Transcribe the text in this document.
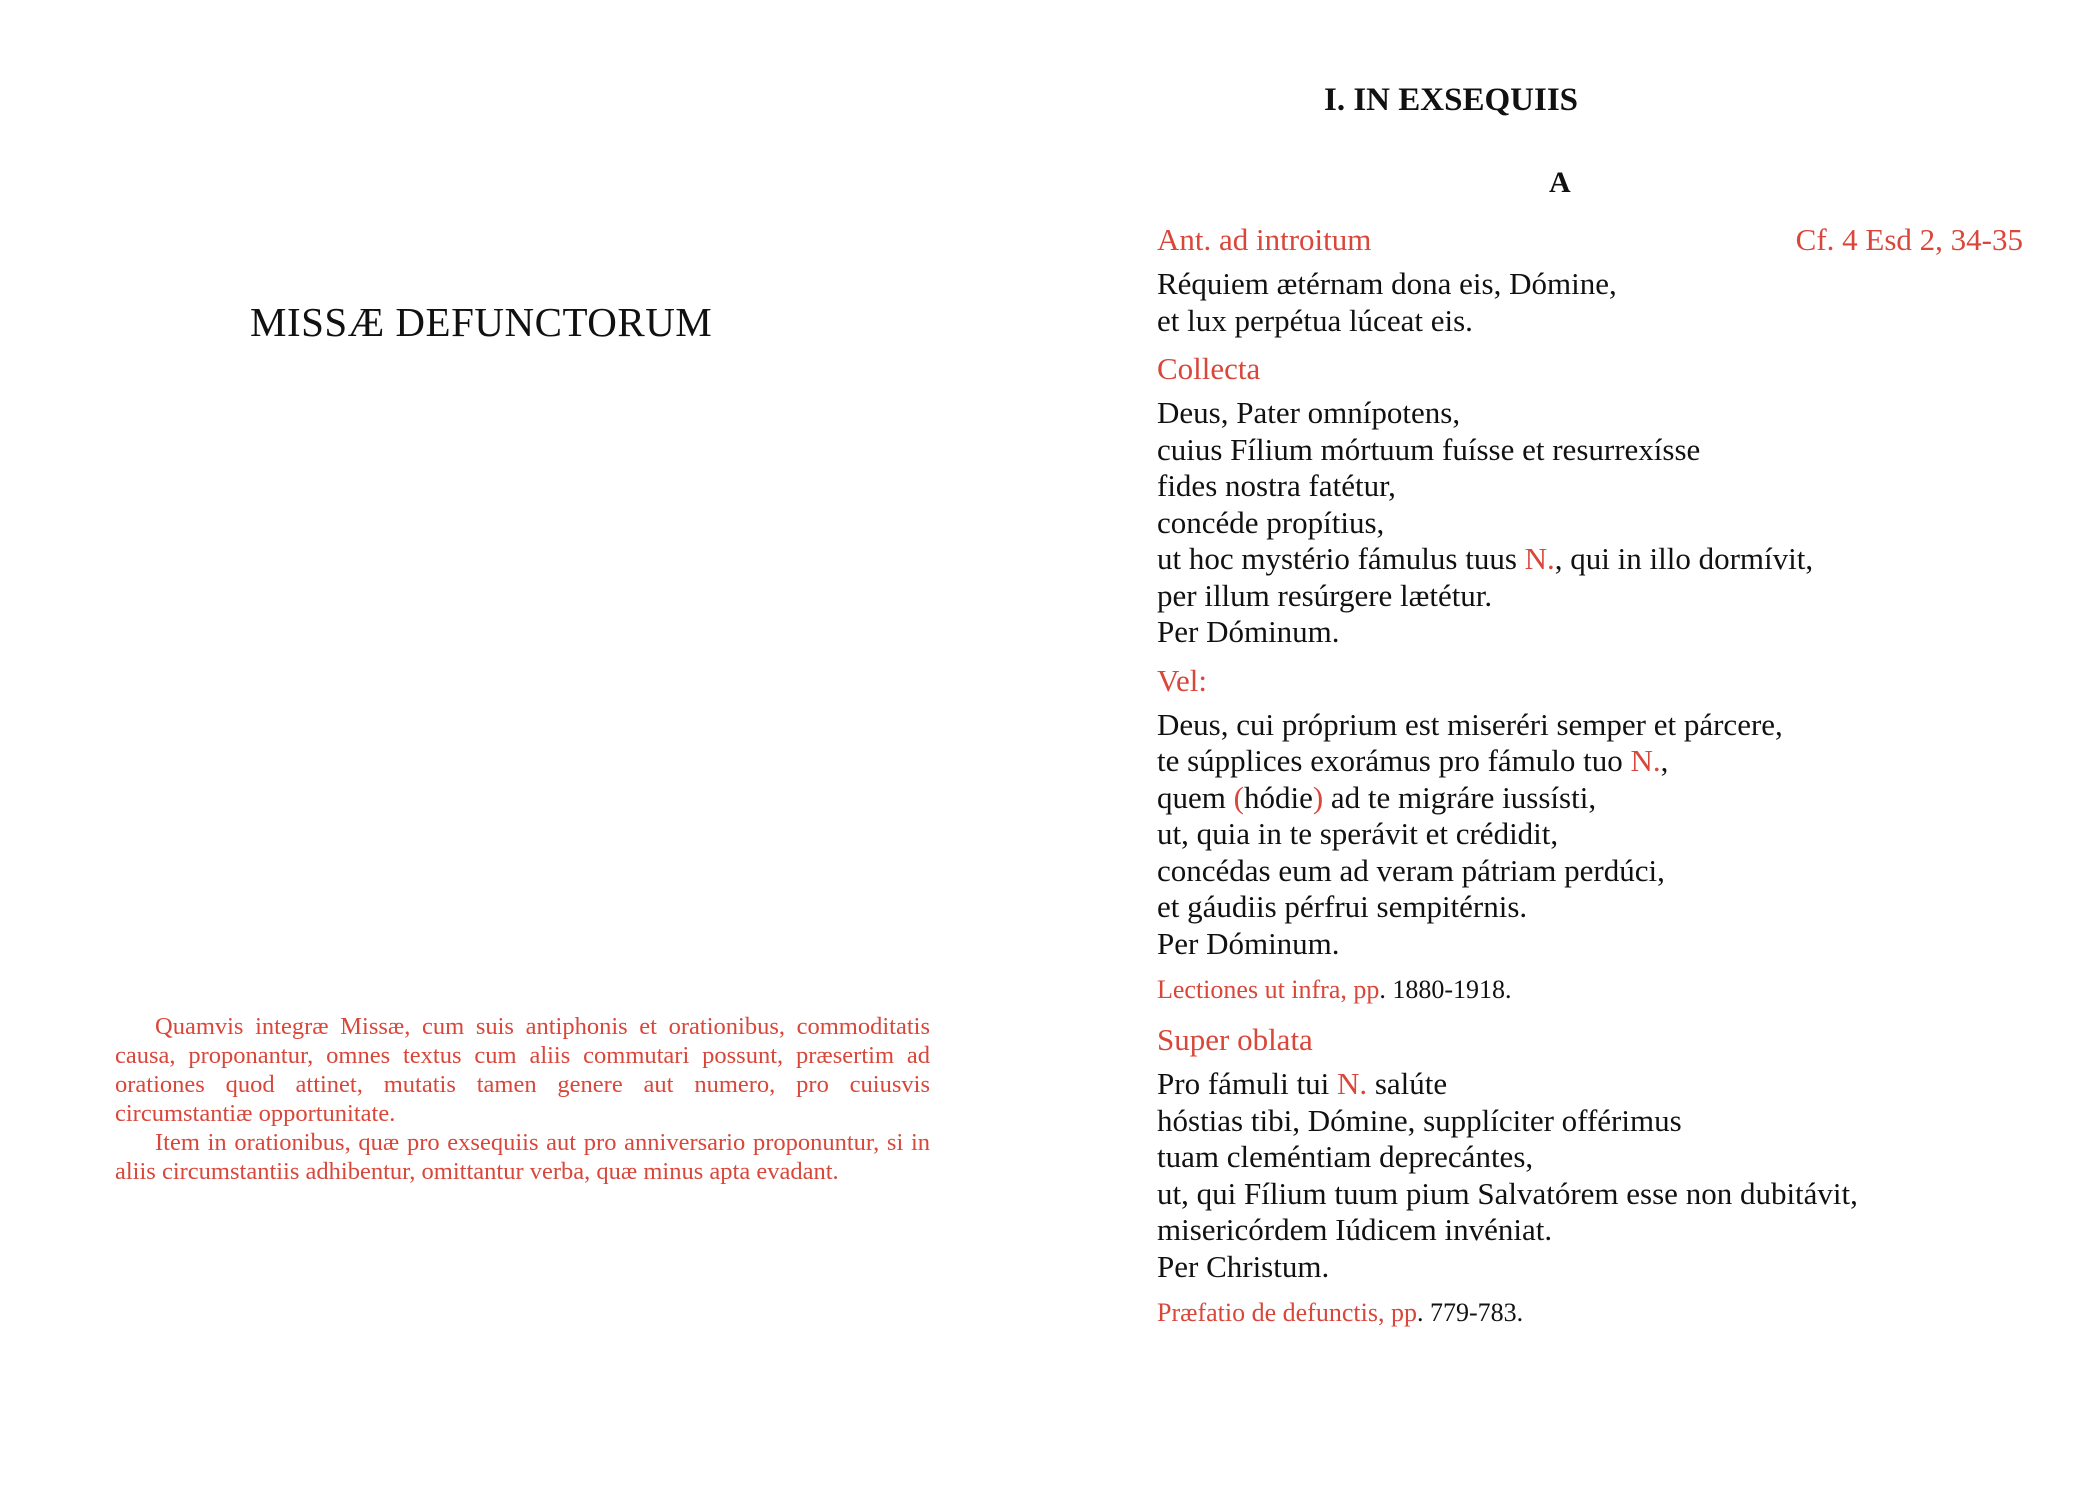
MISSÆ DEFUNCTORUM

Quamvis integræ Missæ, cum suis antiphonis et orationibus, commoditatis causa, proponantur, omnes textus cum aliis commutari possunt, præsertim ad orationes quod attinet, mutatis tamen genere aut numero, pro cuiusvis circumstantiæ opportunitate.

Item in orationibus, quæ pro exsequiis aut pro anniversario proponuntur, si in aliis circumstantiis adhibentur, omittantur verba, quæ minus apta evadant.

I. IN EXSEQUIIS
A
Ant. ad introitum	Cf. 4 Esd 2, 34-35
Réquiem ætérnam dona eis, Dómine,
et lux perpétua lúceat eis.
Collecta
Deus, Pater omnípotens,
cuius Fílium mórtuum fuísse et resurrexísse
fides nostra fatétur,
concéde propítius,
ut hoc mystério fámulus tuus N., qui in illo dormívit,
per illum resúrgere lætétur.
Per Dóminum.
Vel:
Deus, cui próprium est miseréri semper et párcere,
te súpplices exorámus pro fámulo tuo N.,
quem (hódie) ad te migráre iussísti,
ut, quia in te sperávit et crédidit,
concédas eum ad veram pátriam perdúci,
et gáudiis pérfrui sempitérnis.
Per Dóminum.
Lectiones ut infra, pp. 1880-1918.
Super oblata
Pro fámuli tui N. salúte
hóstias tibi, Dómine, supplíciter offérimus
tuam cleméntiam deprecántes,
ut, qui Fílium tuum pium Salvatórem esse non dubitávit,
misericórdem Iúdicem invéniat.
Per Christum.
Præfatio de defunctis, pp. 779-783.
